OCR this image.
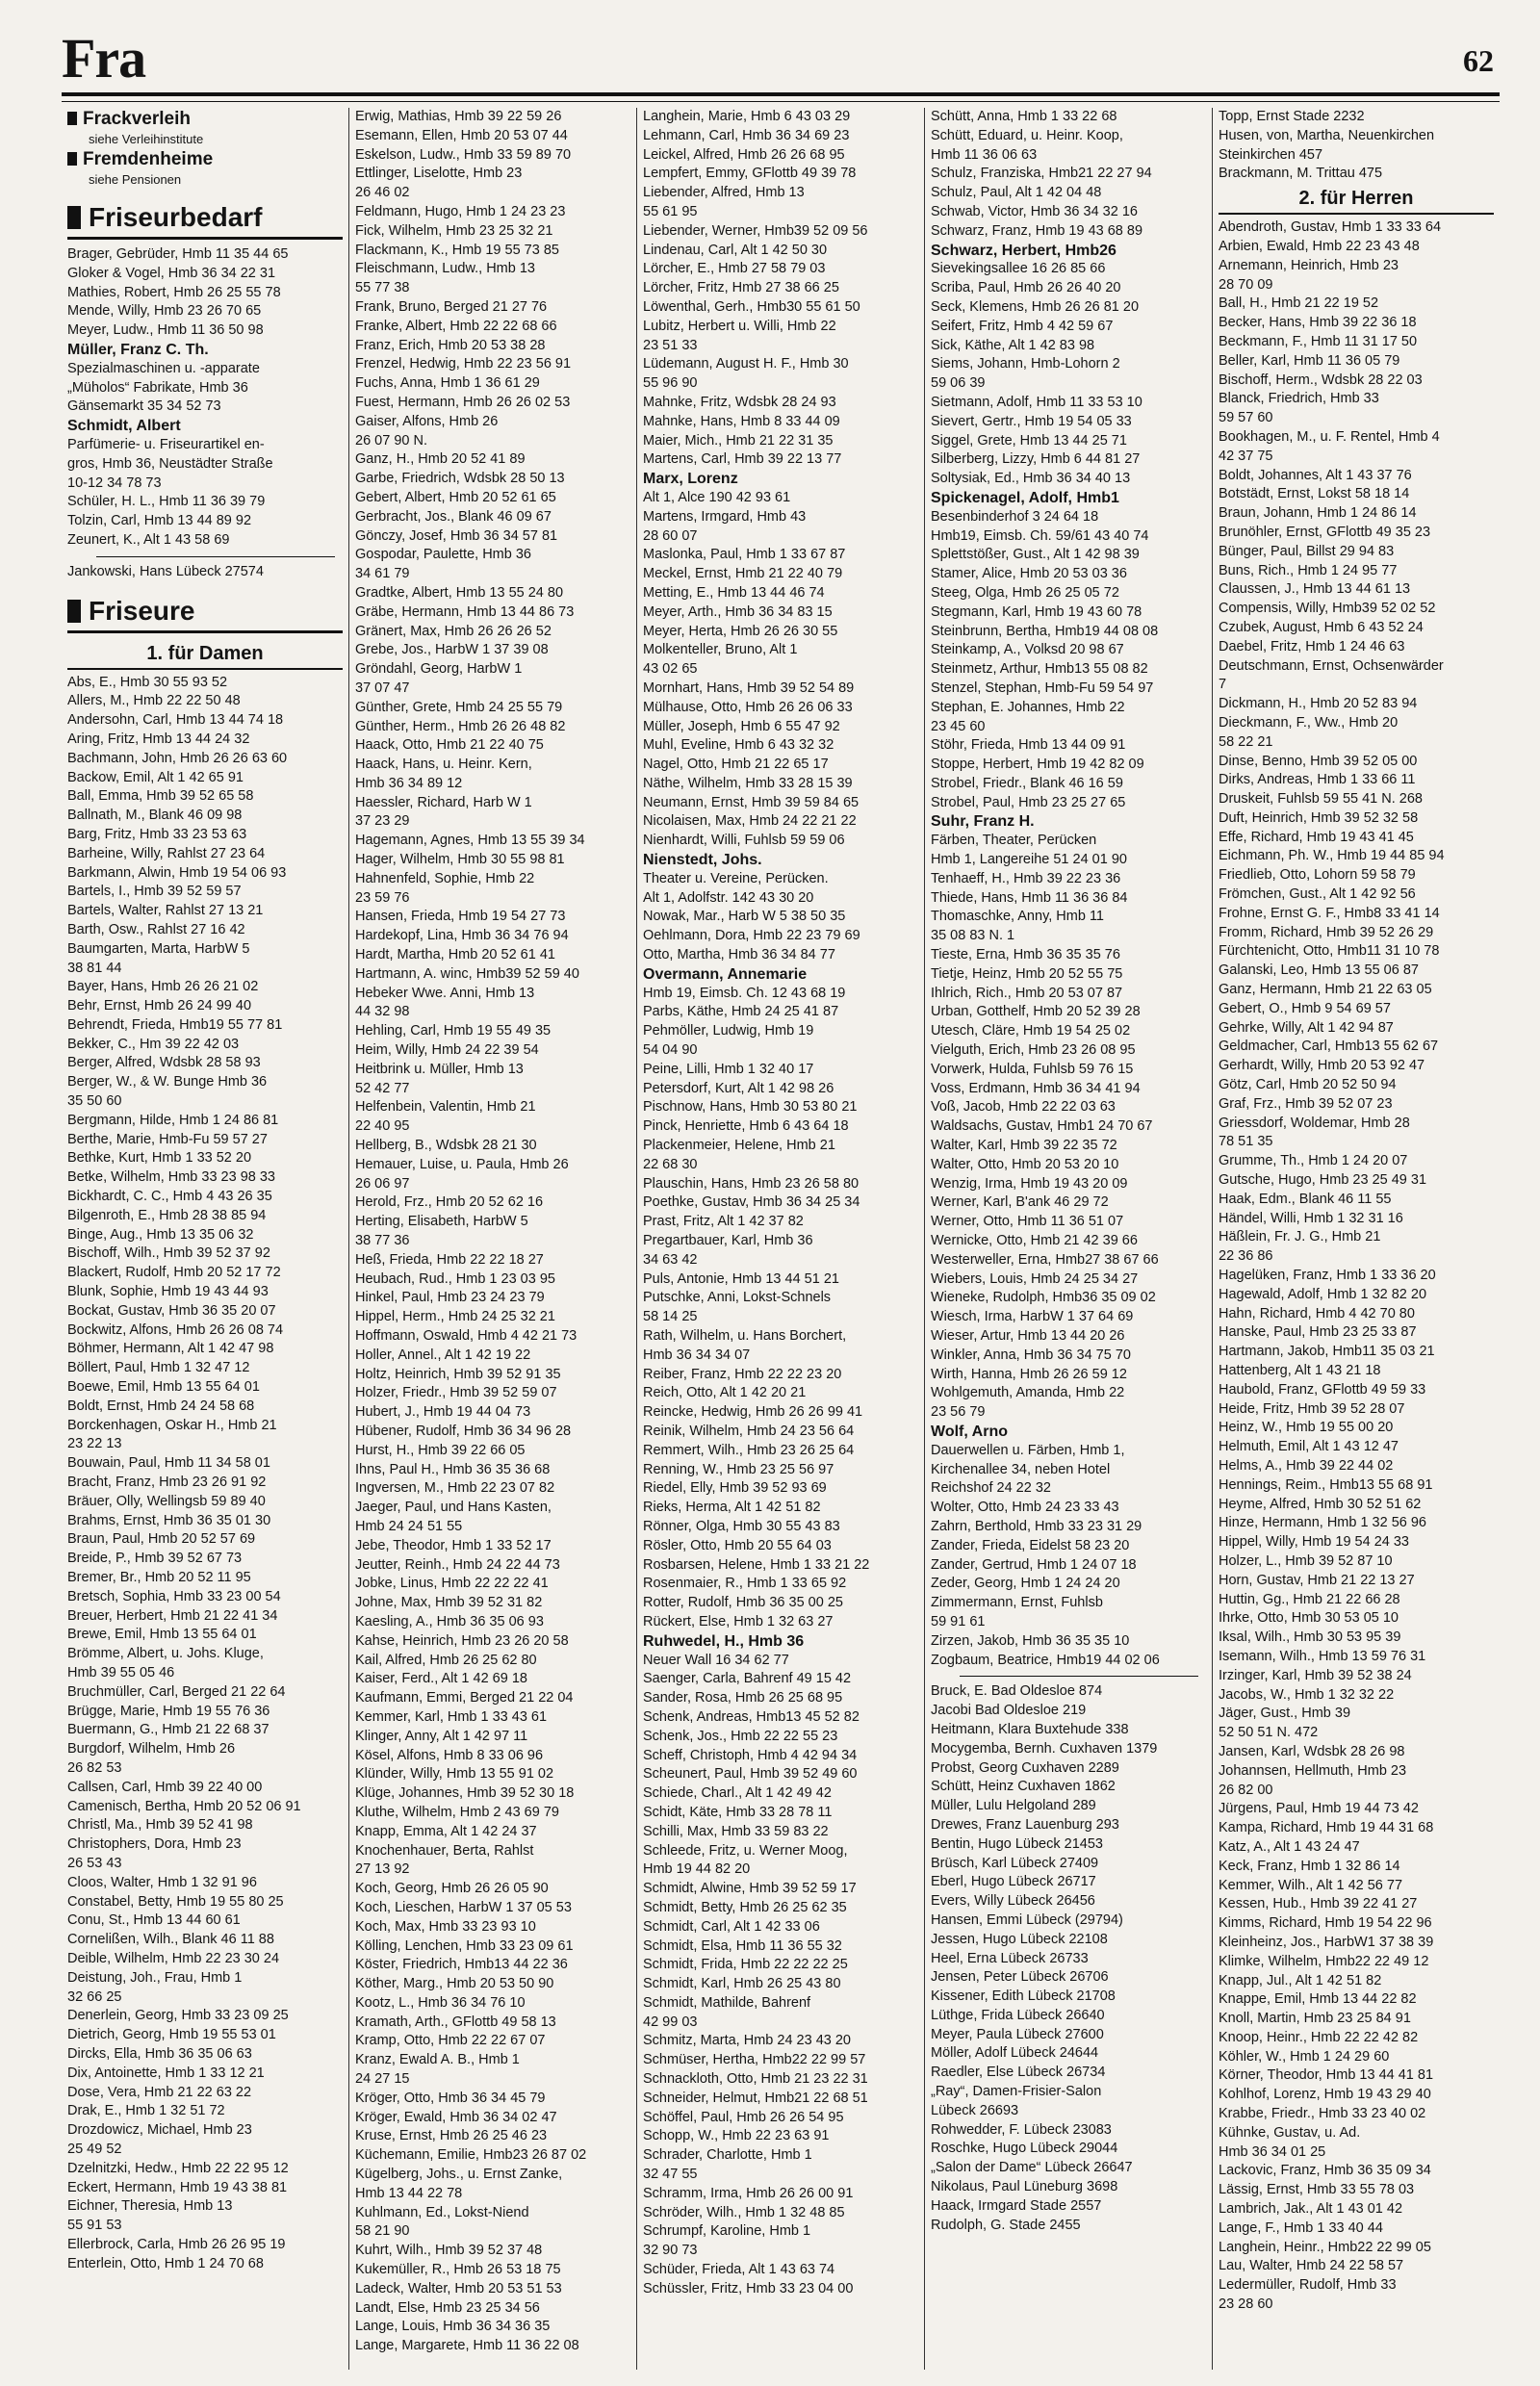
Fra	62
Frackverleih
siehe Verleihinstitute
Fremdenheime
siehe Pensionen
Friseurbedarf
Brager, Gebrüder, Hmb 11 35 44 65
Gloker & Vogel, Hmb 36 34 22 31
Mathies, Robert, Hmb 26 25 55 78
Mende, Willy, Hmb 23 26 70 65
Meyer, Ludw., Hmb 11 36 50 98
Müller, Franz C. Th.
Spezialmaschinen u. -apparate
„Müholos“ Fabrikate, Hmb 36
Gänsemarkt 35 34 52 73
Schmidt, Albert
Parfümerie- u. Friseurartikel en-
gros, Hmb 36, Neustädter Straße
10-12 34 78 73
Schüler, H. L., Hmb 11 36 39 79
Tolzin, Carl, Hmb 13 44 89 92
Zeunert, K., Alt 1 43 58 69
Jankowski, Hans Lübeck 27574
Friseure
1. für Damen
Abs, E., Hmb 30 55 93 52
Allers, M., Hmb 22 22 50 48
Andersohn, Carl, Hmb 13 44 74 18
Aring, Fritz, Hmb 13 44 24 32
Bachmann, John, Hmb 26 26 63 60
Backow, Emil, Alt 1 42 65 91
Ball, Emma, Hmb 39 52 65 58
Ballnath, M., Blank 46 09 98
Barg, Fritz, Hmb 33 23 53 63
Barheine, Willy, Rahlst 27 23 64
Barkmann, Alwin, Hmb 19 54 06 93
Bartels, I., Hmb 39 52 59 57
Bartels, Walter, Rahlst 27 13 21
Barth, Osw., Rahlst 27 16 42
Baumgarten, Marta, HarbW 5
38 81 44
Bayer, Hans, Hmb 26 26 21 02
Behr, Ernst, Hmb 26 24 99 40
Behrendt, Frieda, Hmb19 55 77 81
Bekker, C., Hm 39 22 42 03
Berger, Alfred, Wdsbk 28 58 93
Berger, W., & W. Bunge Hmb 36
35 50 60
Bergmann, Hilde, Hmb 1 24 86 81
Berthe, Marie, Hmb-Fu 59 57 27
Bethke, Kurt, Hmb 1 33 52 20
Betke, Wilhelm, Hmb 33 23 98 33
Bickhardt, C. C., Hmb 4 43 26 35
Bilgenroth, E., Hmb 28 38 85 94
Binge, Aug., Hmb 13 35 06 32
Bischoff, Wilh., Hmb 39 52 37 92
Blackert, Rudolf, Hmb 20 52 17 72
Blunk, Sophie, Hmb 19 43 44 93
Bockat, Gustav, Hmb 36 35 20 07
Bockwitz, Alfons, Hmb 26 26 08 74
Böhmer, Hermann, Alt 1 42 47 98
Böllert, Paul, Hmb 1 32 47 12
Boewe, Emil, Hmb 13 55 64 01
Boldt, Ernst, Hmb 24 24 58 68
Borckenhagen, Oskar H., Hmb 21
23 22 13
Bouwain, Paul, Hmb 11 34 58 01
Bracht, Franz, Hmb 23 26 91 92
Bräuer, Olly, Wellingsb 59 89 40
Brahms, Ernst, Hmb 36 35 01 30
Braun, Paul, Hmb 20 52 57 69
Breide, P., Hmb 39 52 67 73
Bremer, Br., Hmb 20 52 11 95
Bretsch, Sophia, Hmb 33 23 00 54
Breuer, Herbert, Hmb 21 22 41 34
Brewe, Emil, Hmb 13 55 64 01
Brömme, Albert, u. Johs. Kluge,
Hmb 39 55 05 46
Bruchmüller, Carl, Berged 21 22 64
Brügge, Marie, Hmb 19 55 76 36
Buermann, G., Hmb 21 22 68 37
Burgdorf, Wilhelm, Hmb 26
26 82 53
Callsen, Carl, Hmb 39 22 40 00
Camenisch, Bertha, Hmb 20 52 06 91
Christl, Ma., Hmb 39 52 41 98
Christophers, Dora, Hmb 23
26 53 43
Cloos, Walter, Hmb 1 32 91 96
Constabel, Betty, Hmb 19 55 80 25
Conu, St., Hmb 13 44 60 61
Cornelißen, Wilh., Blank 46 11 88
Deible, Wilhelm, Hmb 22 23 30 24
Deistung, Joh., Frau, Hmb 1
32 66 25
Denerlein, Georg, Hmb 33 23 09 25
Dietrich, Georg, Hmb 19 55 53 01
Dircks, Ella, Hmb 36 35 06 63
Dix, Antoinette, Hmb 1 33 12 21
Dose, Vera, Hmb 21 22 63 22
Drak, E., Hmb 1 32 51 72
Drozdowicz, Michael, Hmb 23
25 49 52
Dzelnitzki, Hedw., Hmb 22 22 95 12
Eckert, Hermann, Hmb 19 43 38 81
Eichner, Theresia, Hmb 13
55 91 53
Ellerbrock, Carla, Hmb 26 26 95 19
Enterlein, Otto, Hmb 1 24 70 68
Erwig, Mathias, Hmb 39 22 59 26
Esemann, Ellen, Hmb 20 53 07 44
Eskelson, Ludw., Hmb 33 59 89 70
Ettlinger, Liselotte, Hmb 23
26 46 02
Feldmann, Hugo, Hmb 1 24 23 23
Fick, Wilhelm, Hmb 23 25 32 21
Flackmann, K., Hmb 19 55 73 85
Fleischmann, Ludw., Hmb 13
55 77 38
Frank, Bruno, Berged 21 27 76
Franke, Albert, Hmb 22 22 68 66
Franz, Erich, Hmb 20 53 38 28
Frenzel, Hedwig, Hmb 22 23 56 91
Fuchs, Anna, Hmb 1 36 61 29
Fuest, Hermann, Hmb 26 26 02 53
Gaiser, Alfons, Hmb 26
26 07 90 N.
Ganz, H., Hmb 20 52 41 89
Garbe, Friedrich, Wdsbk 28 50 13
Gebert, Albert, Hmb 20 52 61 65
Gerbracht, Jos., Blank 46 09 67
Gönczy, Josef, Hmb 36 34 57 81
Gospodar, Paulette, Hmb 36
34 61 79
Gradtke, Albert, Hmb 13 55 24 80
Gräbe, Hermann, Hmb 13 44 86 73
Gränert, Max, Hmb 26 26 26 52
Grebe, Jos., HarbW 1 37 39 08
Gröndahl, Georg, HarbW 1
37 07 47
Günther, Grete, Hmb 24 25 55 79
Günther, Herm., Hmb 26 26 48 82
Haack, Otto, Hmb 21 22 40 75
Haack, Hans, u. Heinr. Kern,
Hmb 36 34 89 12
Haessler, Richard, Harb W 1
37 23 29
Hagemann, Agnes, Hmb 13 55 39 34
Hager, Wilhelm, Hmb 30 55 98 81
Hahnenfeld, Sophie, Hmb 22
23 59 76
Hansen, Frieda, Hmb 19 54 27 73
Hardekopf, Lina, Hmb 36 34 76 94
Hardt, Martha, Hmb 20 52 61 41
Hartmann, A. winc, Hmb39 52 59 40
Hebeker Wwe. Anni, Hmb 13
44 32 98
Hehling, Carl, Hmb 19 55 49 35
Heim, Willy, Hmb 24 22 39 54
Heitbrink u. Müller, Hmb 13
52 42 77
Helfenbein, Valentin, Hmb 21
22 40 95
Hellberg, B., Wdsbk 28 21 30
Hemauer, Luise, u. Paula, Hmb 26
26 06 97
Herold, Frz., Hmb 20 52 62 16
Herting, Elisabeth, HarbW 5
38 77 36
Heß, Frieda, Hmb 22 22 18 27
Heubach, Rud., Hmb 1 23 03 95
Hinkel, Paul, Hmb 23 24 23 79
Hippel, Herm., Hmb 24 25 32 21
Hoffmann, Oswald, Hmb 4 42 21 73
Holler, Annel., Alt 1 42 19 22
Holtz, Heinrich, Hmb 39 52 91 35
Holzer, Friedr., Hmb 39 52 59 07
Hubert, J., Hmb 19 44 04 73
Hübener, Rudolf, Hmb 36 34 96 28
Hurst, H., Hmb 39 22 66 05
Ihns, Paul H., Hmb 36 35 36 68
Ingversen, M., Hmb 22 23 07 82
Jaeger, Paul, und Hans Kasten,
Hmb 24 24 51 55
Jebe, Theodor, Hmb 1 33 52 17
Jeutter, Reinh., Hmb 24 22 44 73
Jobke, Linus, Hmb 22 22 22 41
Johne, Max, Hmb 39 52 31 82
Kaesling, A., Hmb 36 35 06 93
Kahse, Heinrich, Hmb 23 26 20 58
Kail, Alfred, Hmb 26 25 62 80
Kaiser, Ferd., Alt 1 42 69 18
Kaufmann, Emmi, Berged 21 22 04
Kemmer, Karl, Hmb 1 33 43 61
Klinger, Anny, Alt 1 42 97 11
Kösel, Alfons, Hmb 8 33 06 96
Klünder, Willy, Hmb 13 55 91 02
Klüge, Johannes, Hmb 39 52 30 18
Kluthe, Wilhelm, Hmb 2 43 69 79
Knapp, Emma, Alt 1 42 24 37
Knochenhauer, Berta, Rahlst
27 13 92
Koch, Georg, Hmb 26 26 05 90
Koch, Lieschen, HarbW 1 37 05 53
Koch, Max, Hmb 33 23 93 10
Kölling, Lenchen, Hmb 33 23 09 61
Köster, Friedrich, Hmb13 44 22 36
Köther, Marg., Hmb 20 53 50 90
Kootz, L., Hmb 36 34 76 10
Kramath, Arth., GFlottb 49 58 13
Kramp, Otto, Hmb 22 22 67 07
Kranz, Ewald A. B., Hmb 1
24 27 15
Kröger, Otto, Hmb 36 34 45 79
Kröger, Ewald, Hmb 36 34 02 47
Kruse, Ernst, Hmb 26 25 46 23
Küchemann, Emilie, Hmb23 26 87 02
Kügelberg, Johs., u. Ernst Zanke,
Hmb 13 44 22 78
Kuhlmann, Ed., Lokst-Niend
58 21 90
Kuhrt, Wilh., Hmb 39 52 37 48
Kukemüller, R., Hmb 26 53 18 75
Ladeck, Walter, Hmb 20 53 51 53
Landt, Else, Hmb 23 25 34 56
Lange, Louis, Hmb 36 34 36 35
Lange, Margarete, Hmb 11 36 22 08
Langhein, Marie, Hmb 6 43 03 29
Lehmann, Carl, Hmb 36 34 69 23
Leickel, Alfred, Hmb 26 26 68 95
Lempfert, Emmy, GFlottb 49 39 78
Liebender, Alfred, Hmb 13
55 61 95
Liebender, Werner, Hmb39 52 09 56
Lindenau, Carl, Alt 1 42 50 30
Lörcher, E., Hmb 27 58 79 03
Lörcher, Fritz, Hmb 27 38 66 25
Löwenthal, Gerh., Hmb30 55 61 50
Lubitz, Herbert u. Willi, Hmb 22
23 51 33
Lüdemann, August H. F., Hmb 30
55 96 90
Mahnke, Fritz, Wdsbk 28 24 93
Mahnke, Hans, Hmb 8 33 44 09
Maier, Mich., Hmb 21 22 31 35
Martens, Carl, Hmb 39 22 13 77
Marx, Lorenz
Alt 1, Alce 190 42 93 61
Martens, Irmgard, Hmb 43
28 60 07
Maslonka, Paul, Hmb 1 33 67 87
Meckel, Ernst, Hmb 21 22 40 79
Metting, E., Hmb 13 44 46 74
Meyer, Arth., Hmb 36 34 83 15
Meyer, Herta, Hmb 26 26 30 55
Molkenteller, Bruno, Alt 1
43 02 65
Mornhart, Hans, Hmb 39 52 54 89
Mülhause, Otto, Hmb 26 26 06 33
Müller, Joseph, Hmb 6 55 47 92
Muhl, Eveline, Hmb 6 43 32 32
Nagel, Otto, Hmb 21 22 65 17
Näthe, Wilhelm, Hmb 33 28 15 39
Neumann, Ernst, Hmb 39 59 84 65
Nicolaisen, Max, Hmb 24 22 21 22
Nienhardt, Willi, Fuhlsb 59 59 06
Nienstedt, Johs.
Theater u. Vereine, Perücken.
Alt 1, Adolfstr. 142 43 30 20
Nowak, Mar., Harb W 5 38 50 35
Oehlmann, Dora, Hmb 22 23 79 69
Otto, Martha, Hmb 36 34 84 77
Overmann, Annemarie
Hmb 19, Eimsb. Ch. 12 43 68 19
Parbs, Käthe, Hmb 24 25 41 87
Pehmöller, Ludwig, Hmb 19
54 04 90
Peine, Lilli, Hmb 1 32 40 17
Petersdorf, Kurt, Alt 1 42 98 26
Pischnow, Hans, Hmb 30 53 80 21
Pinck, Henriette, Hmb 6 43 64 18
Plackenmeier, Helene, Hmb 21
22 68 30
Plauschin, Hans, Hmb 23 26 58 80
Poethke, Gustav, Hmb 36 34 25 34
Prast, Fritz, Alt 1 42 37 82
Pregartbauer, Karl, Hmb 36
34 63 42
Puls, Antonie, Hmb 13 44 51 21
Putschke, Anni, Lokst-Schnels
58 14 25
Rath, Wilhelm, u. Hans Borchert,
Hmb 36 34 34 07
Reiber, Franz, Hmb 22 22 23 20
Reich, Otto, Alt 1 42 20 21
Reincke, Hedwig, Hmb 26 26 99 41
Reinik, Wilhelm, Hmb 24 23 56 64
Remmert, Wilh., Hmb 23 26 25 64
Renning, W., Hmb 23 25 56 97
Riedel, Elly, Hmb 39 52 93 69
Rieks, Herma, Alt 1 42 51 82
Rönner, Olga, Hmb 30 55 43 83
Rösler, Otto, Hmb 20 55 64 03
Rosbarsen, Helene, Hmb 1 33 21 22
Rosenmaier, R., Hmb 1 33 65 92
Rotter, Rudolf, Hmb 36 35 00 25
Rückert, Else, Hmb 1 32 63 27
Ruhwedel, H., Hmb 36
Neuer Wall 16 34 62 77
Saenger, Carla, Bahrenf 49 15 42
Sander, Rosa, Hmb 26 25 68 95
Schenk, Andreas, Hmb13 45 52 82
Schenk, Jos., Hmb 22 22 55 23
Scheff, Christoph, Hmb 4 42 94 34
Scheunert, Paul, Hmb 39 52 49 60
Schiede, Charl., Alt 1 42 49 42
Schidt, Käte, Hmb 33 28 78 11
Schilli, Max, Hmb 33 59 83 22
Schleede, Fritz, u. Werner Moog,
Hmb 19 44 82 20
Schmidt, Alwine, Hmb 39 52 59 17
Schmidt, Betty, Hmb 26 25 62 35
Schmidt, Carl, Alt 1 42 33 06
Schmidt, Elsa, Hmb 11 36 55 32
Schmidt, Frida, Hmb 22 22 22 25
Schmidt, Karl, Hmb 26 25 43 80
Schmidt, Mathilde, Bahrenf
42 99 03
Schmitz, Marta, Hmb 24 23 43 20
Schmüser, Hertha, Hmb22 22 99 57
Schnackloth, Otto, Hmb 21 23 22 31
Schneider, Helmut, Hmb21 22 68 51
Schöffel, Paul, Hmb 26 26 54 95
Schopp, W., Hmb 22 23 63 91
Schrader, Charlotte, Hmb 1
32 47 55
Schramm, Irma, Hmb 26 26 00 91
Schröder, Wilh., Hmb 1 32 48 85
Schrumpf, Karoline, Hmb 1
32 90 73
Schüder, Frieda, Alt 1 43 63 74
Schüssler, Fritz, Hmb 33 23 04 00
Schütt, Anna, Hmb 1 33 22 68
Schütt, Eduard, u. Heinr. Koop,
Hmb 11 36 06 63
Schulz, Franziska, Hmb21 22 27 94
Schulz, Paul, Alt 1 42 04 48
Schwab, Victor, Hmb 36 34 32 16
Schwarz, Franz, Hmb 19 43 68 89
Schwarz, Herbert, Hmb26
Sievekingsallee 16 26 85 66
Scriba, Paul, Hmb 26 26 40 20
Seck, Klemens, Hmb 26 26 81 20
Seifert, Fritz, Hmb 4 42 59 67
Sick, Käthe, Alt 1 42 83 98
Siems, Johann, Hmb-Lohorn 2
59 06 39
Sietmann, Adolf, Hmb 11 33 53 10
Sievert, Gertr., Hmb 19 54 05 33
Siggel, Grete, Hmb 13 44 25 71
Silberberg, Lizzy, Hmb 6 44 81 27
Soltysiak, Ed., Hmb 36 34 40 13
Spickenagel, Adolf, Hmb1
Besenbinderhof 3 24 64 18
Hmb19, Eimsb. Ch. 59/61 43 40 74
Splettstößer, Gust., Alt 1 42 98 39
Stamer, Alice, Hmb 20 53 03 36
Steeg, Olga, Hmb 26 25 05 72
Stegmann, Karl, Hmb 19 43 60 78
Steinbrunn, Bertha, Hmb19 44 08 08
Steinkamp, A., Volksd 20 98 67
Steinmetz, Arthur, Hmb13 55 08 82
Stenzel, Stephan, Hmb-Fu 59 54 97
Stephan, E. Johannes, Hmb 22
23 45 60
Stöhr, Frieda, Hmb 13 44 09 91
Stoppe, Herbert, Hmb 19 42 82 09
Strobel, Friedr., Blank 46 16 59
Strobel, Paul, Hmb 23 25 27 65
Suhr, Franz H.
Färben, Theater, Perücken
Hmb 1, Langereihe 51 24 01 90
Tenhaeff, H., Hmb 39 22 23 36
Thiede, Hans, Hmb 11 36 36 84
Thomaschke, Anny, Hmb 11
35 08 83 N. 1
Tieste, Erna, Hmb 36 35 35 76
Tietje, Heinz, Hmb 20 52 55 75
Ihlrich, Rich., Hmb 20 53 07 87
Urban, Gotthelf, Hmb 20 52 39 28
Utesch, Cläre, Hmb 19 54 25 02
Vielguth, Erich, Hmb 23 26 08 95
Vorwerk, Hulda, Fuhlsb 59 76 15
Voss, Erdmann, Hmb 36 34 41 94
Voß, Jacob, Hmb 22 22 03 63
Waldsachs, Gustav, Hmb1 24 70 67
Walter, Karl, Hmb 39 22 35 72
Walter, Otto, Hmb 20 53 20 10
Wenzig, Irma, Hmb 19 43 20 09
Werner, Karl, B'ank 46 29 72
Werner, Otto, Hmb 11 36 51 07
Wernicke, Otto, Hmb 21 42 39 66
Westerweller, Erna, Hmb27 38 67 66
Wiebers, Louis, Hmb 24 25 34 27
Wieneke, Rudolph, Hmb36 35 09 02
Wiesch, Irma, HarbW 1 37 64 69
Wieser, Artur, Hmb 13 44 20 26
Winkler, Anna, Hmb 36 34 75 70
Wirth, Hanna, Hmb 26 26 59 12
Wohlgemuth, Amanda, Hmb 22
23 56 79
Wolf, Arno
Dauerwellen u. Färben, Hmb 1,
Kirchenallee 34, neben Hotel
Reichshof 24 22 32
Wolter, Otto, Hmb 24 23 33 43
Zahrn, Berthold, Hmb 33 23 31 29
Zander, Frieda, Eidelst 58 23 20
Zander, Gertrud, Hmb 1 24 07 18
Zeder, Georg, Hmb 1 24 24 20
Zimmermann, Ernst, Fuhlsb
59 91 61
Zirzen, Jakob, Hmb 36 35 35 10
Zogbaum, Beatrice, Hmb19 44 02 06
Bruck, E. Bad Oldesloe 874
Jacobi Bad Oldesloe 219
Heitmann, Klara Buxtehude 338
Mocygemba, Bernh. Cuxhaven 1379
Probst, Georg Cuxhaven 2289
Schütt, Heinz Cuxhaven 1862
Müller, Lulu Helgoland 289
Drewes, Franz Lauenburg 293
Bentin, Hugo Lübeck 21453
Brüsch, Karl Lübeck 27409
Eberl, Hugo Lübeck 26717
Evers, Willy Lübeck 26456
Hansen, Emmi Lübeck (29794)
Jessen, Hugo Lübeck 22108
Heel, Erna Lübeck 26733
Jensen, Peter Lübeck 26706
Kissener, Edith Lübeck 21708
Lüthge, Frida Lübeck 26640
Meyer, Paula Lübeck 27600
Möller, Adolf Lübeck 24644
Raedler, Else Lübeck 26734
„Ray“, Damen-Frisier-Salon
Lübeck 26693
Rohwedder, F. Lübeck 23083
Roschke, Hugo Lübeck 29044
„Salon der Dame“ Lübeck 26647
Nikolaus, Paul Lüneburg 3698
Haack, Irmgard Stade 2557
Rudolph, G. Stade 2455
Topp, Ernst Stade 2232
Husen, von, Martha, Neuenkirchen
Steinkirchen 457
Brackmann, M. Trittau 475
2. für Herren
Abendroth, Gustav, Hmb 1 33 33 64
Arbien, Ewald, Hmb 22 23 43 48
Arnemann, Heinrich, Hmb 23
28 70 09
Ball, H., Hmb 21 22 19 52
Becker, Hans, Hmb 39 22 36 18
Beckmann, F., Hmb 11 31 17 50
Beller, Karl, Hmb 11 36 05 79
Bischoff, Herm., Wdsbk 28 22 03
Blanck, Friedrich, Hmb 33
59 57 60
Bookhagen, M., u. F. Rentel, Hmb 4
42 37 75
Boldt, Johannes, Alt 1 43 37 76
Botstädt, Ernst, Lokst 58 18 14
Braun, Johann, Hmb 1 24 86 14
Brunöhler, Ernst, GFlottb 49 35 23
Bünger, Paul, Billst 29 94 83
Buns, Rich., Hmb 1 24 95 77
Claussen, J., Hmb 13 44 61 13
Compensis, Willy, Hmb39 52 02 52
Czubek, August, Hmb 6 43 52 24
Daebel, Fritz, Hmb 1 24 46 63
Deutschmann, Ernst, Ochsenwärder
7
Dickmann, H., Hmb 20 52 83 94
Dieckmann, F., Ww., Hmb 20
58 22 21
Dinse, Benno, Hmb 39 52 05 00
Dirks, Andreas, Hmb 1 33 66 11
Druskeit, Fuhlsb 59 55 41 N. 268
Duft, Heinrich, Hmb 39 52 32 58
Effe, Richard, Hmb 19 43 41 45
Eichmann, Ph. W., Hmb 19 44 85 94
Friedlieb, Otto, Lohorn 59 58 79
Frömchen, Gust., Alt 1 42 92 56
Frohne, Ernst G. F., Hmb8 33 41 14
Fromm, Richard, Hmb 39 52 26 29
Fürchtenicht, Otto, Hmb11 31 10 78
Galanski, Leo, Hmb 13 55 06 87
Ganz, Hermann, Hmb 21 22 63 05
Gebert, O., Hmb 9 54 69 57
Gehrke, Willy, Alt 1 42 94 87
Geldmacher, Carl, Hmb13 55 62 67
Gerhardt, Willy, Hmb 20 53 92 47
Götz, Carl, Hmb 20 52 50 94
Graf, Frz., Hmb 39 52 07 23
Griessdorf, Woldemar, Hmb 28
78 51 35
Grumme, Th., Hmb 1 24 20 07
Gutsche, Hugo, Hmb 23 25 49 31
Haak, Edm., Blank 46 11 55
Händel, Willi, Hmb 1 32 31 16
Häßlein, Fr. J. G., Hmb 21
22 36 86
Hagelüken, Franz, Hmb 1 33 36 20
Hagewald, Adolf, Hmb 1 32 82 20
Hahn, Richard, Hmb 4 42 70 80
Hanske, Paul, Hmb 23 25 33 87
Hartmann, Jakob, Hmb11 35 03 21
Hattenberg, Alt 1 43 21 18
Haubold, Franz, GFlottb 49 59 33
Heide, Fritz, Hmb 39 52 28 07
Heinz, W., Hmb 19 55 00 20
Helmuth, Emil, Alt 1 43 12 47
Helms, A., Hmb 39 22 44 02
Hennings, Reim., Hmb13 55 68 91
Heyme, Alfred, Hmb 30 52 51 62
Hinze, Hermann, Hmb 1 32 56 96
Hippel, Willy, Hmb 19 54 24 33
Holzer, L., Hmb 39 52 87 10
Horn, Gustav, Hmb 21 22 13 27
Huttin, Gg., Hmb 21 22 66 28
Ihrke, Otto, Hmb 30 53 05 10
Iksal, Wilh., Hmb 30 53 95 39
Isemann, Wilh., Hmb 13 59 76 31
Irzinger, Karl, Hmb 39 52 38 24
Jacobs, W., Hmb 1 32 32 22
Jäger, Gust., Hmb 39
52 50 51 N. 472
Jansen, Karl, Wdsbk 28 26 98
Johannsen, Hellmuth, Hmb 23
26 82 00
Jürgens, Paul, Hmb 19 44 73 42
Kampa, Richard, Hmb 19 44 31 68
Katz, A., Alt 1 43 24 47
Keck, Franz, Hmb 1 32 86 14
Kemmer, Wilh., Alt 1 42 56 77
Kessen, Hub., Hmb 39 22 41 27
Kimms, Richard, Hmb 19 54 22 96
Kleinheinz, Jos., HarbW1 37 38 39
Klimke, Wilhelm, Hmb22 22 49 12
Knapp, Jul., Alt 1 42 51 82
Knappe, Emil, Hmb 13 44 22 82
Knoll, Martin, Hmb 23 25 84 91
Knoop, Heinr., Hmb 22 22 42 82
Köhler, W., Hmb 1 24 29 60
Körner, Theodor, Hmb 13 44 41 81
Kohlhof, Lorenz, Hmb 19 43 29 40
Krabbe, Friedr., Hmb 33 23 40 02
Kühnke, Gustav, u. Ad.
Hmb 36 34 01 25
Lackovic, Franz, Hmb 36 35 09 34
Lässig, Ernst, Hmb 33 55 78 03
Lambrich, Jak., Alt 1 43 01 42
Lange, F., Hmb 1 33 40 44
Langhein, Heinr., Hmb22 22 99 05
Lau, Walter, Hmb 24 22 58 57
Ledermüller, Rudolf, Hmb 33
23 28 60
